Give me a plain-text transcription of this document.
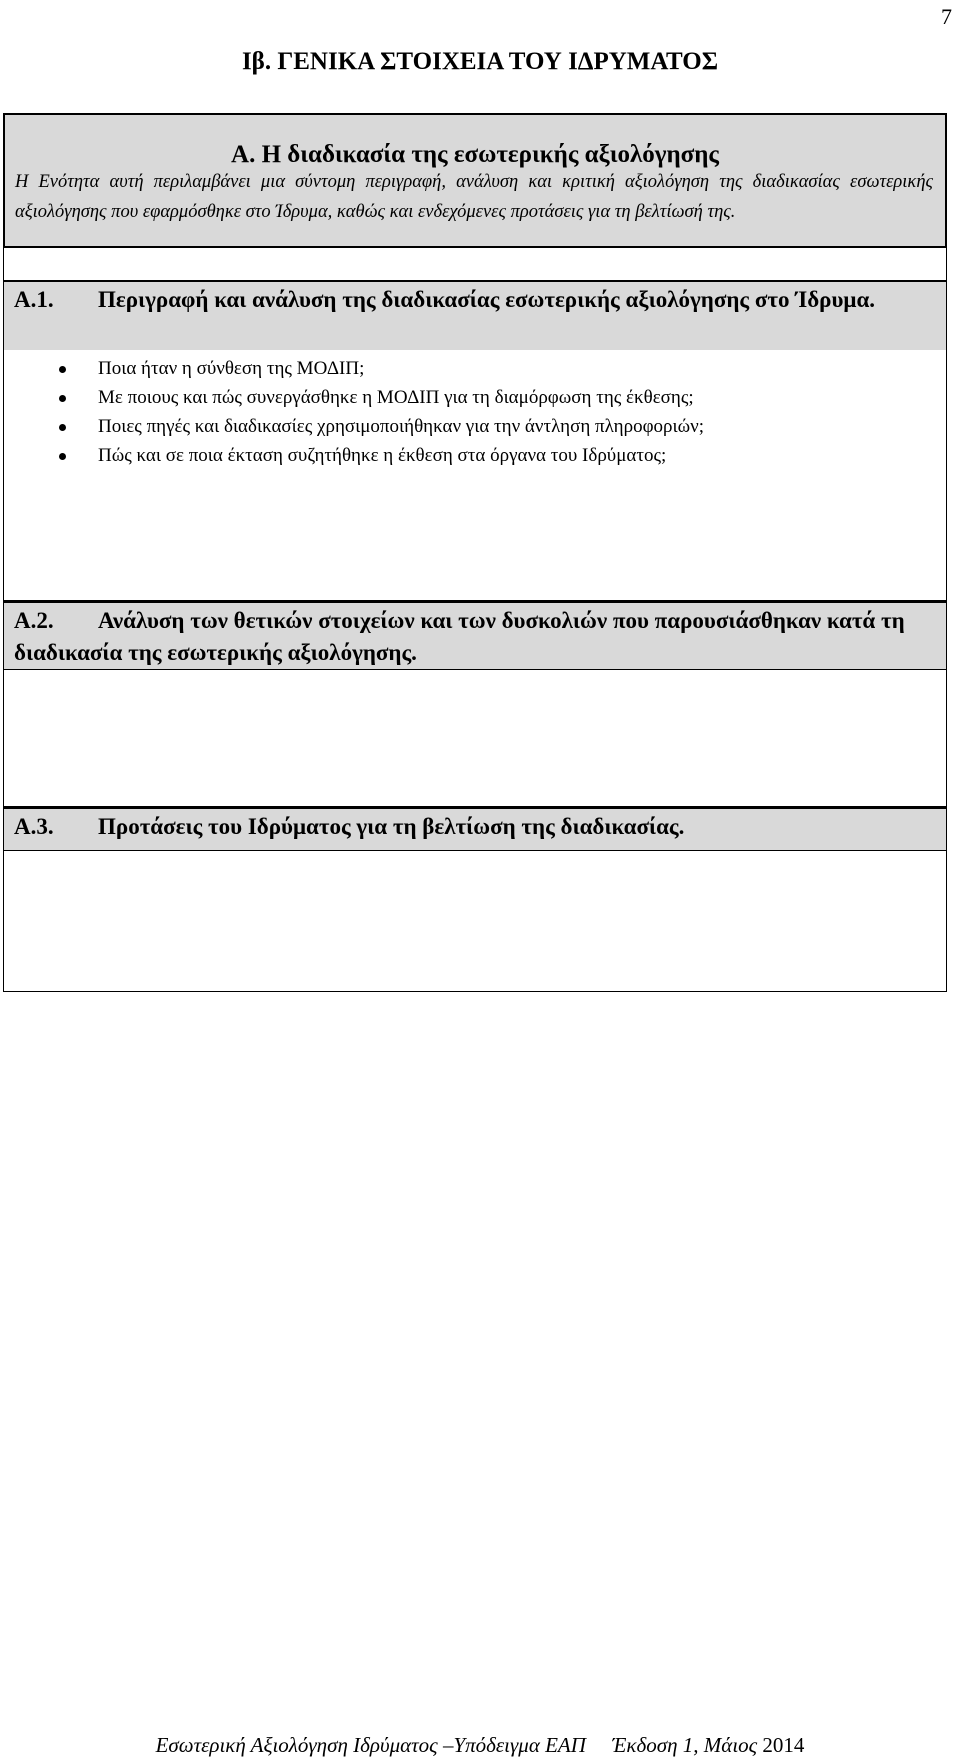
7
Ιβ. ΓΕΝΙΚΑ ΣΤΟΙΧΕΙΑ ΤΟΥ ΙΔΡΥΜΑΤΟΣ
Α. Η διαδικασία της εσωτερικής αξιολόγησης
Η Ενότητα αυτή περιλαμβάνει μια σύντομη περιγραφή, ανάλυση και κριτική αξιολόγηση της διαδικασίας εσωτερικής αξιολόγησης που εφαρμόσθηκε στο Ίδρυμα, καθώς και ενδεχόμενες προτάσεις για τη βελτίωσή της.
Α.1. Περιγραφή και ανάλυση της διαδικασίας εσωτερικής αξιολόγησης στο Ίδρυμα.
Ποια ήταν η σύνθεση της ΜΟΔΙΠ;
Με ποιους και πώς συνεργάσθηκε η ΜΟΔΙΠ για τη διαμόρφωση της έκθεσης;
Ποιες πηγές και διαδικασίες χρησιμοποιήθηκαν για την άντληση πληροφοριών;
Πώς και σε ποια έκταση συζητήθηκε η έκθεση στα όργανα του Ιδρύματος;
Α.2. Ανάλυση των θετικών στοιχείων και των δυσκολιών που παρουσιάσθηκαν κατά τη διαδικασία της εσωτερικής αξιολόγησης.
Α.3. Προτάσεις του Ιδρύματος για τη βελτίωση της διαδικασίας.
Εσωτερική Αξιολόγηση Ιδρύματος –Υπόδειγμα ΕΑΠ     Έκδοση 1, Μάιος 2014
